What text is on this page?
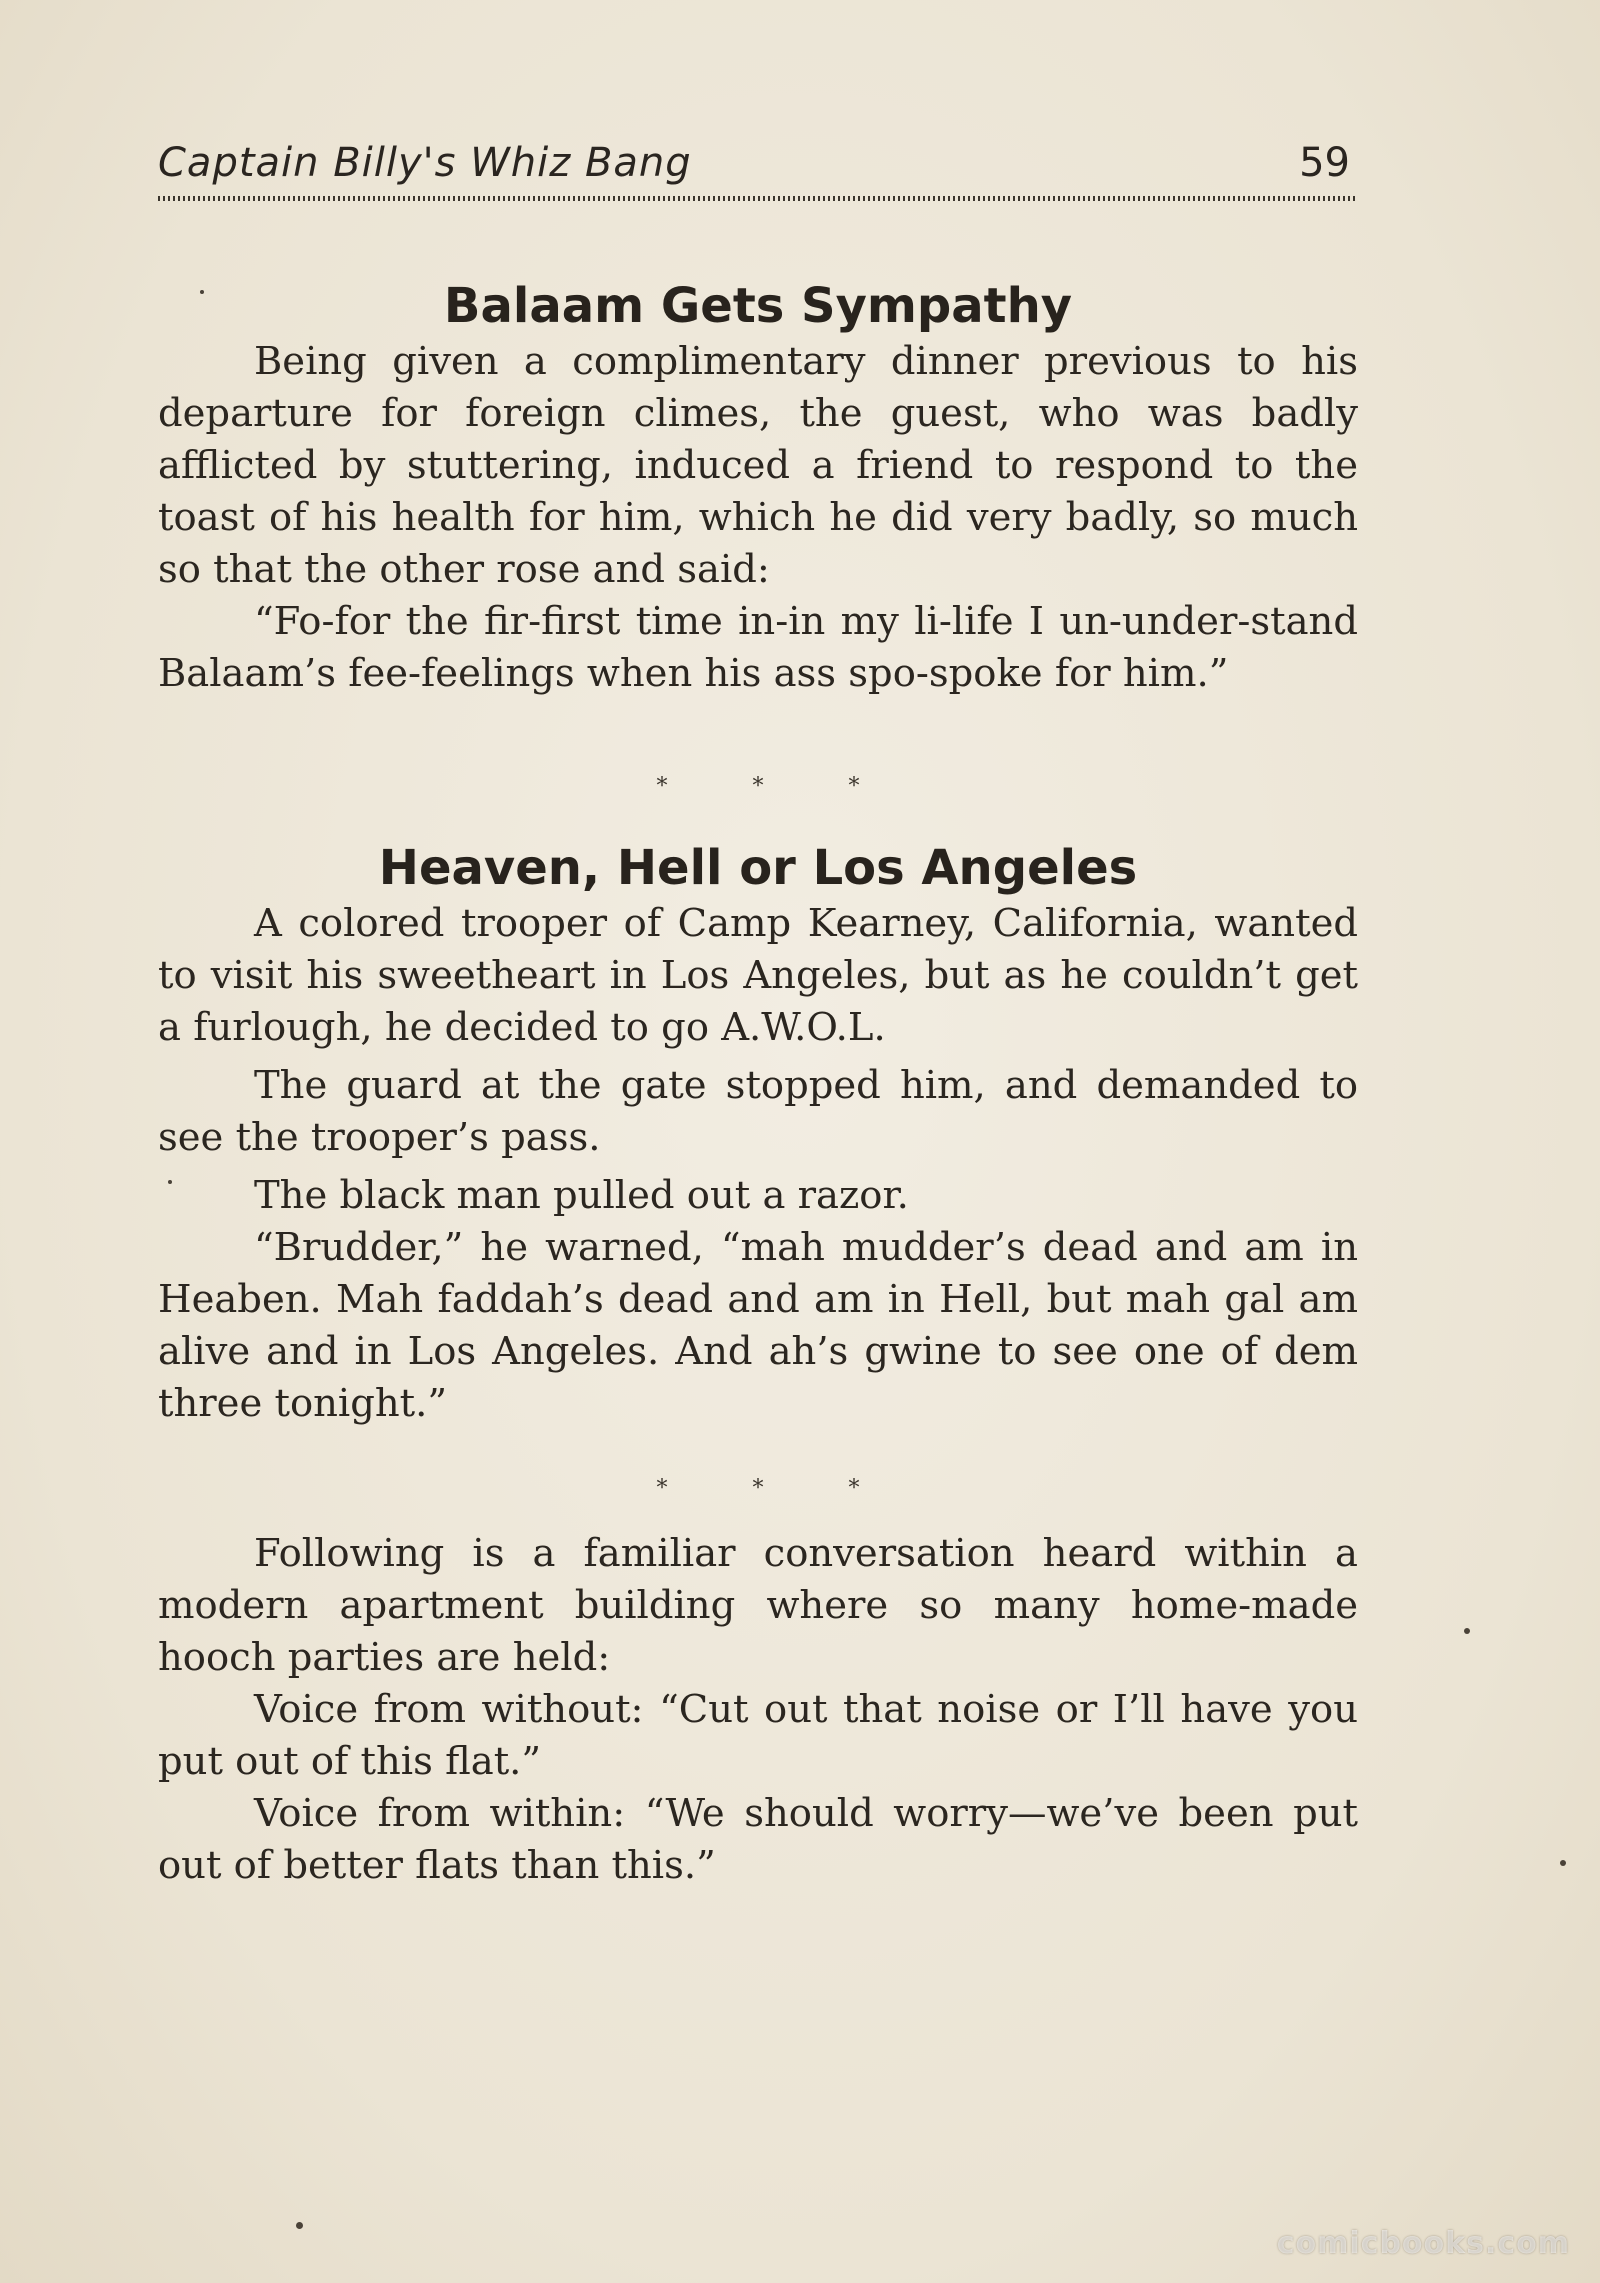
Captain Billy's Whiz Bang	59
Balaam Gets Sympathy

Being given a complimentary dinner previous to his departure for foreign climes, the guest, who was badly afflicted by stuttering, induced a friend to respond to the toast of his health for him, which he did very badly, so much so that the other rose and said:

“Fo-for the fir-first time in-in my li-life I un-under-stand Balaam’s fee-feelings when his ass spo-spoke for him.”

*	*	*
Heaven, Hell or Los Angeles

A colored trooper of Camp Kearney, California, wanted to visit his sweetheart in Los Angeles, but as he couldn’t get a furlough, he decided to go A.W.O.L.

The guard at the gate stopped him, and demanded to see the trooper’s pass.

The black man pulled out a razor.

“Brudder,” he warned, “mah mudder’s dead and am in Heaben. Mah faddah’s dead and am in Hell, but mah gal am alive and in Los Angeles. And ah’s gwine to see one of dem three tonight.”

*	*	*

Following is a familiar conversation heard within a modern apartment building where so many home-made hooch parties are held:

Voice from without: “Cut out that noise or I’ll have you put out of this flat.”

Voice from within: “We should worry—we’ve been put out of better flats than this.”

comicbooks.com
